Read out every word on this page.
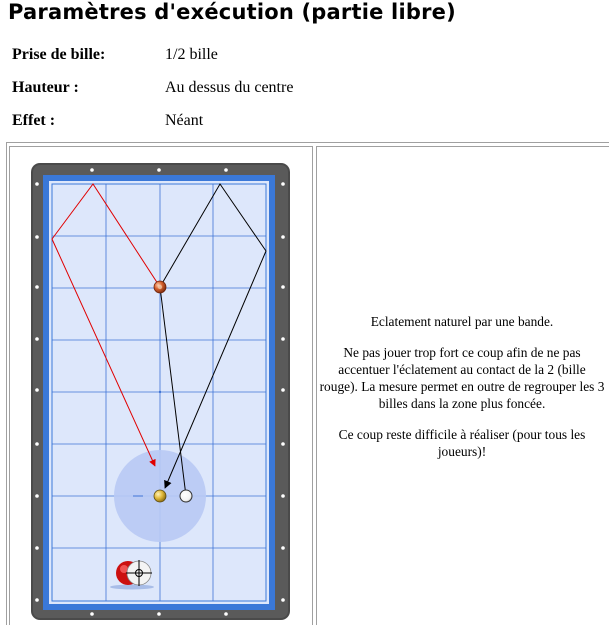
Paramètres d'exécution (partie libre)
Prise de bille:	1/2 bille
Hauteur :	Au dessus du centre
Effet :	Néant

Eclatement naturel par une bande.

Ne pas jouer trop fort ce coup afin de ne pas accentuer l'éclatement au contact de la 2 (bille rouge). La mesure permet en outre de regrouper les 3 billes dans la zone plus foncée.

Ce coup reste difficile à réaliser (pour tous les joueurs)!
